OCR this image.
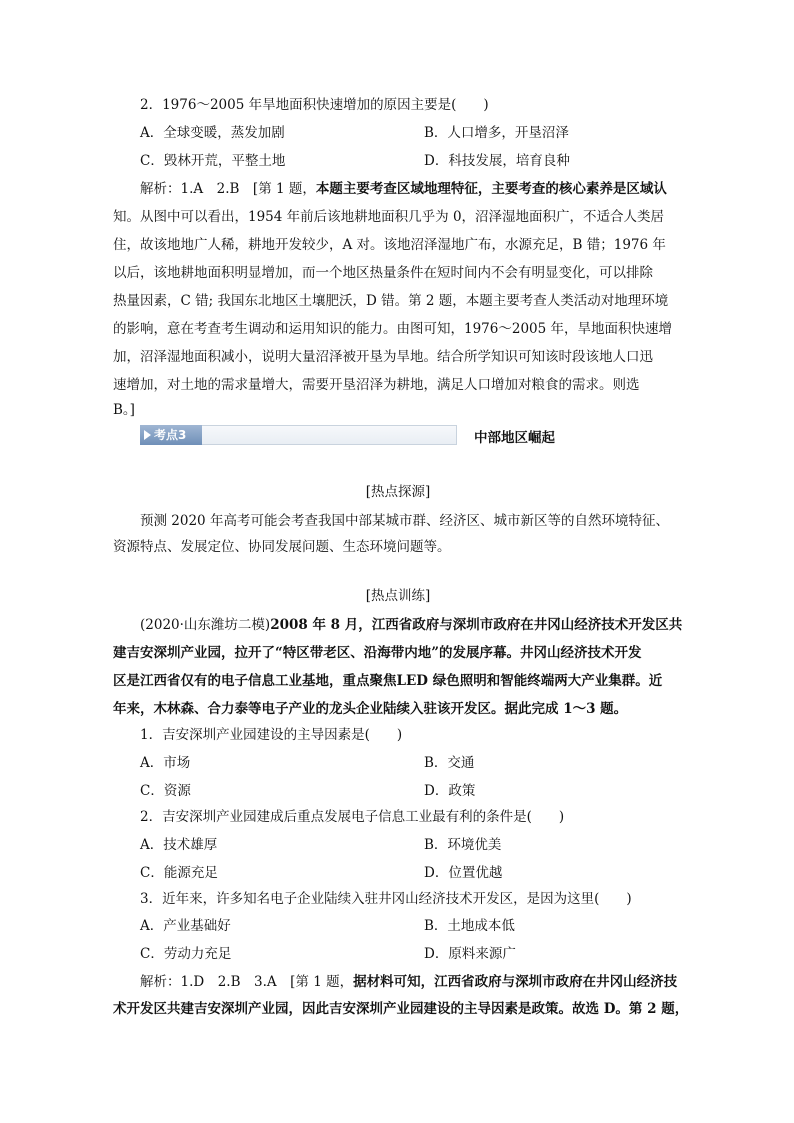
2．1976～2005 年旱地面积快速增加的原因主要是(　　)
A．全球变暖，蒸发加剧	B．人口增多，开垦沼泽
C．毁林开荒，平整土地	D．科技发展，培育良种
解析：1.A　2.B　[第 1 题，本题主要考查区域地理特征，主要考查的核心素养是区域认
知。从图中可以看出，1954 年前后该地耕地面积几乎为 0，沼泽湿地面积广，不适合人类居
住，故该地地广人稀，耕地开发较少，A 对。该地沼泽湿地广布，水源充足，B 错；1976 年
以后，该地耕地面积明显增加，而一个地区热量条件在短时间内不会有明显变化，可以排除
热量因素，C 错; 我国东北地区土壤肥沃，D 错。第 2 题，本题主要考查人类活动对地理环境
的影响，意在考查考生调动和运用知识的能力。由图可知，1976～2005 年，旱地面积快速增
加，沼泽湿地面积减小，说明大量沼泽被开垦为旱地。结合所学知识可知该时段该地人口迅
速增加，对土地的需求量增大，需要开垦沼泽为耕地，满足人口增加对粮食的需求。则选
B。]
考点3	中部地区崛起
[热点探源]
预测 2020 年高考可能会考查我国中部某城市群、经济区、城市新区等的自然环境特征、
资源特点、发展定位、协同发展问题、生态环境问题等。
[热点训练]
(2020·山东潍坊二模)2008 年 8 月，江西省政府与深圳市政府在井冈山经济技术开发区共
建吉安深圳产业园，拉开了“特区带老区、沿海带内地”的发展序幕。井冈山经济技术开发
区是江西省仅有的电子信息工业基地，重点聚焦LED 绿色照明和智能终端两大产业集群。近
年来，木林森、合力泰等电子产业的龙头企业陆续入驻该开发区。据此完成 1～3 题。
1．吉安深圳产业园建设的主导因素是(　　)
A．市场	B．交通
C．资源	D．政策
2．吉安深圳产业园建成后重点发展电子信息工业最有利的条件是(　　)
A．技术雄厚	B．环境优美
C．能源充足	D．位置优越
3．近年来，许多知名电子企业陆续入驻井冈山经济技术开发区，是因为这里(　　)
A．产业基础好	B．土地成本低
C．劳动力充足	D．原料来源广
解析：1.D　2.B　3.A　[第 1 题，据材料可知，江西省政府与深圳市政府在井冈山经济技
术开发区共建吉安深圳产业园，因此吉安深圳产业园建设的主导因素是政策。故选 D。第 2 题，
